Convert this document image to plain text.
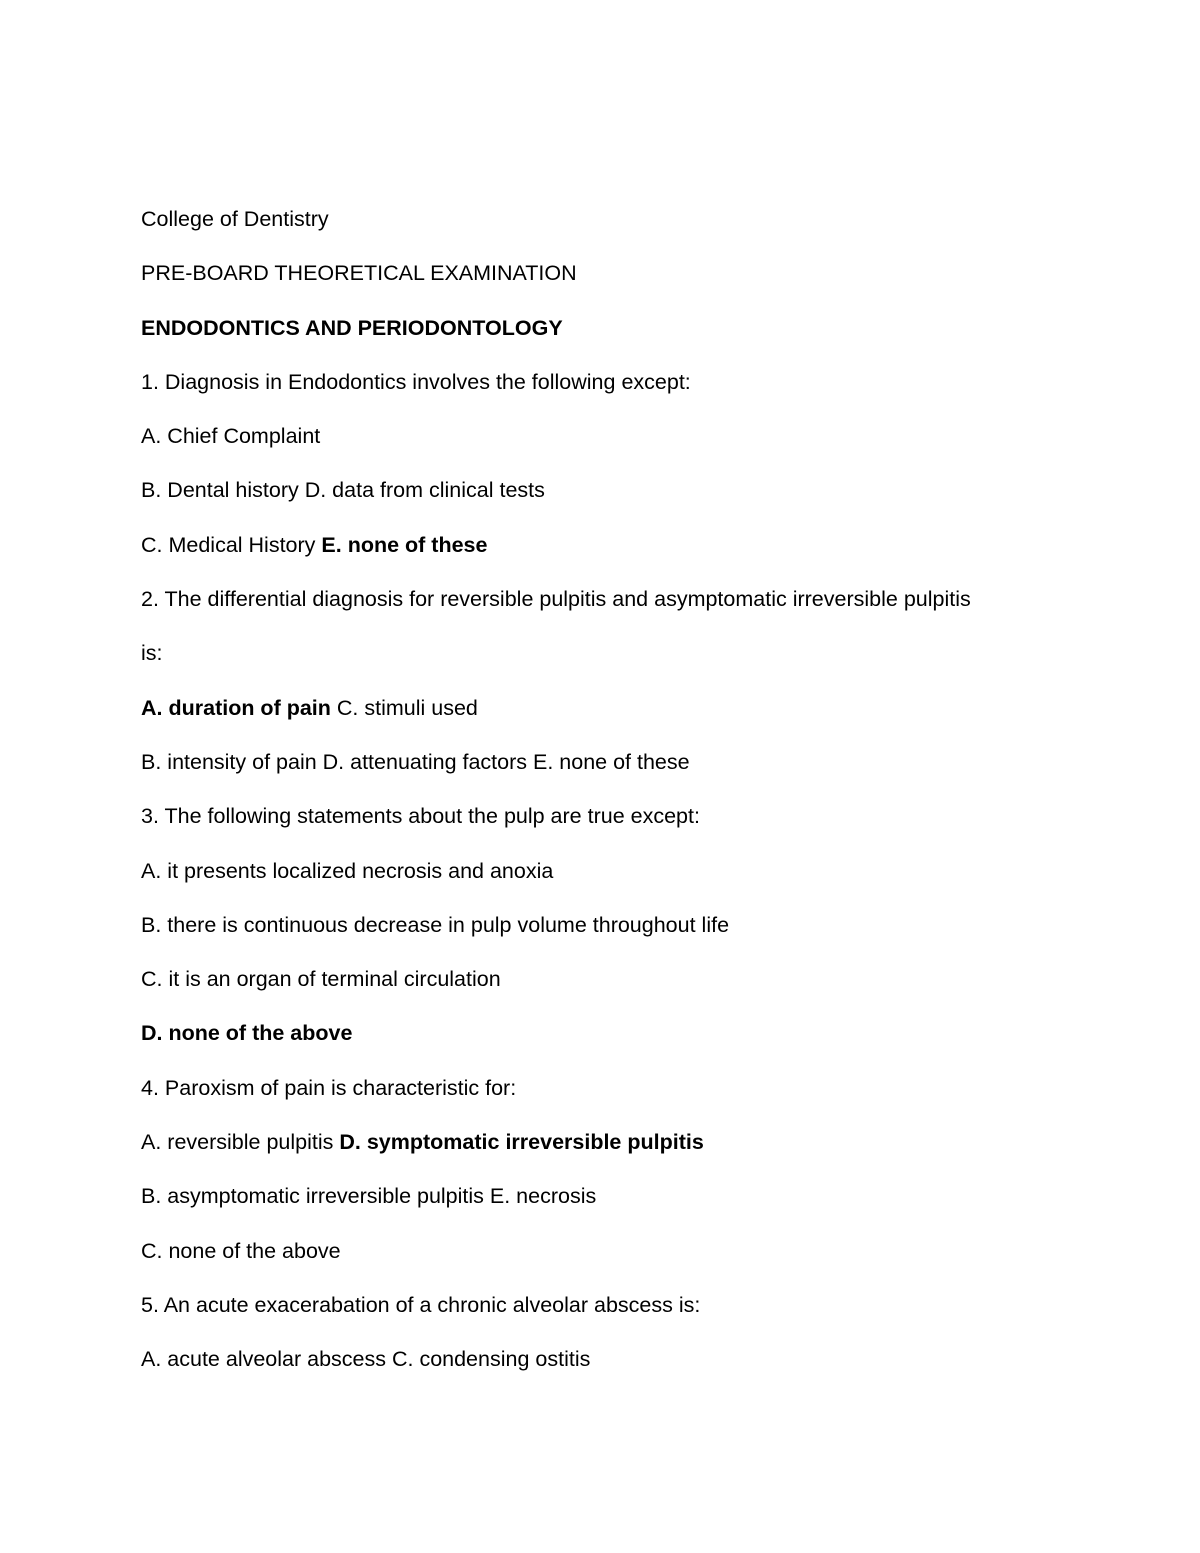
College of Dentistry
PRE-BOARD THEORETICAL EXAMINATION
ENDODONTICS AND PERIODONTOLOGY
1. Diagnosis in Endodontics involves the following except:
A. Chief Complaint
B. Dental history D. data from clinical tests
C. Medical History E. none of these
2. The differential diagnosis for reversible pulpitis and asymptomatic irreversible pulpitis
is:
A. duration of pain C. stimuli used
B. intensity of pain D. attenuating factors E. none of these
3. The following statements about the pulp are true except:
A. it presents localized necrosis and anoxia
B. there is continuous decrease in pulp volume throughout life
C. it is an organ of terminal circulation
D. none of the above
4. Paroxism of pain is characteristic for:
A. reversible pulpitis D. symptomatic irreversible pulpitis
B. asymptomatic irreversible pulpitis E. necrosis
C. none of the above
5. An acute exacerabation of a chronic alveolar abscess is:
A. acute alveolar abscess C. condensing ostitis
